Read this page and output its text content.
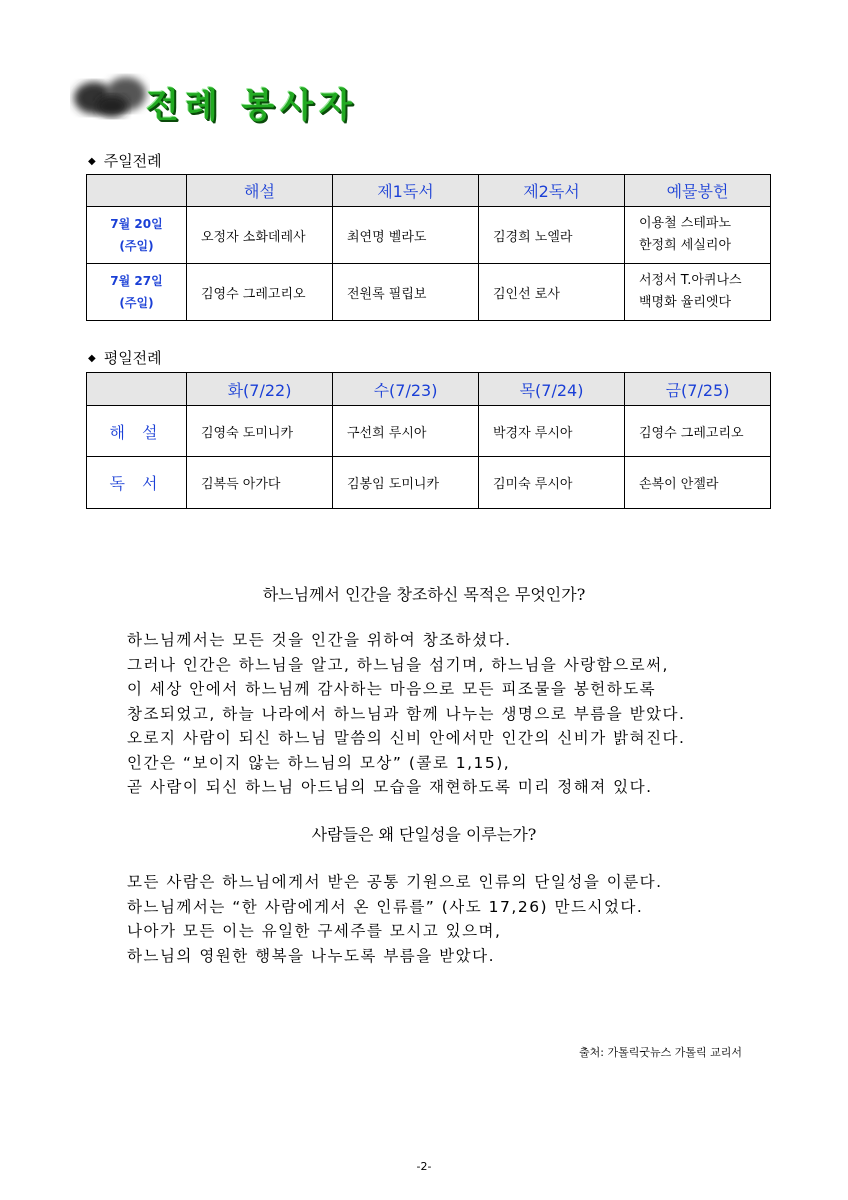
전례 봉사자
◆ 주일전례
	해설	제1독서	제2독서	예물봉헌

7월 20일
(주일)	오정자 소화데레사	최연명 벨라도	김경희 노엘라	이용철 스테파노
한정희 세실리아

7월 27일
(주일)	김영수 그레고리오	전원록 필립보	김인선 로사	서정서 T.아퀴나스
백명화 율리엣다
◆ 평일전례
	화(7/22)	수(7/23)	목(7/24)	금(7/25)
해 설	김영숙 도미니카	구선희 루시아	박경자 루시아	김영수 그레고리오
독 서	김복득 아가다	김봉임 도미니카	김미숙 루시아	손복이 안젤라
하느님께서 인간을 창조하신 목적은 무엇인가?
하느님께서는 모든 것을 인간을 위하여 창조하셨다.
그러나 인간은 하느님을 알고, 하느님을 섬기며, 하느님을 사랑함으로써,
이 세상 안에서 하느님께 감사하는 마음으로 모든 피조물을 봉헌하도록
창조되었고, 하늘 나라에서 하느님과 함께 나누는 생명으로 부름을 받았다.
오로지 사람이 되신 하느님 말씀의 신비 안에서만 인간의 신비가 밝혀진다.
인간은 “보이지 않는 하느님의 모상” (콜로 1,15),
곧 사람이 되신 하느님 아드님의 모습을 재현하도록 미리 정해져 있다.
사람들은 왜 단일성을 이루는가?
모든 사람은 하느님에게서 받은 공통 기원으로 인류의 단일성을 이룬다.
하느님께서는 “한 사람에게서 온 인류를” (사도 17,26) 만드시었다.
나아가 모든 이는 유일한 구세주를 모시고 있으며,
하느님의 영원한 행복을 나누도록 부름을 받았다.
출처: 가톨릭굿뉴스 가톨릭 교리서
-2-
